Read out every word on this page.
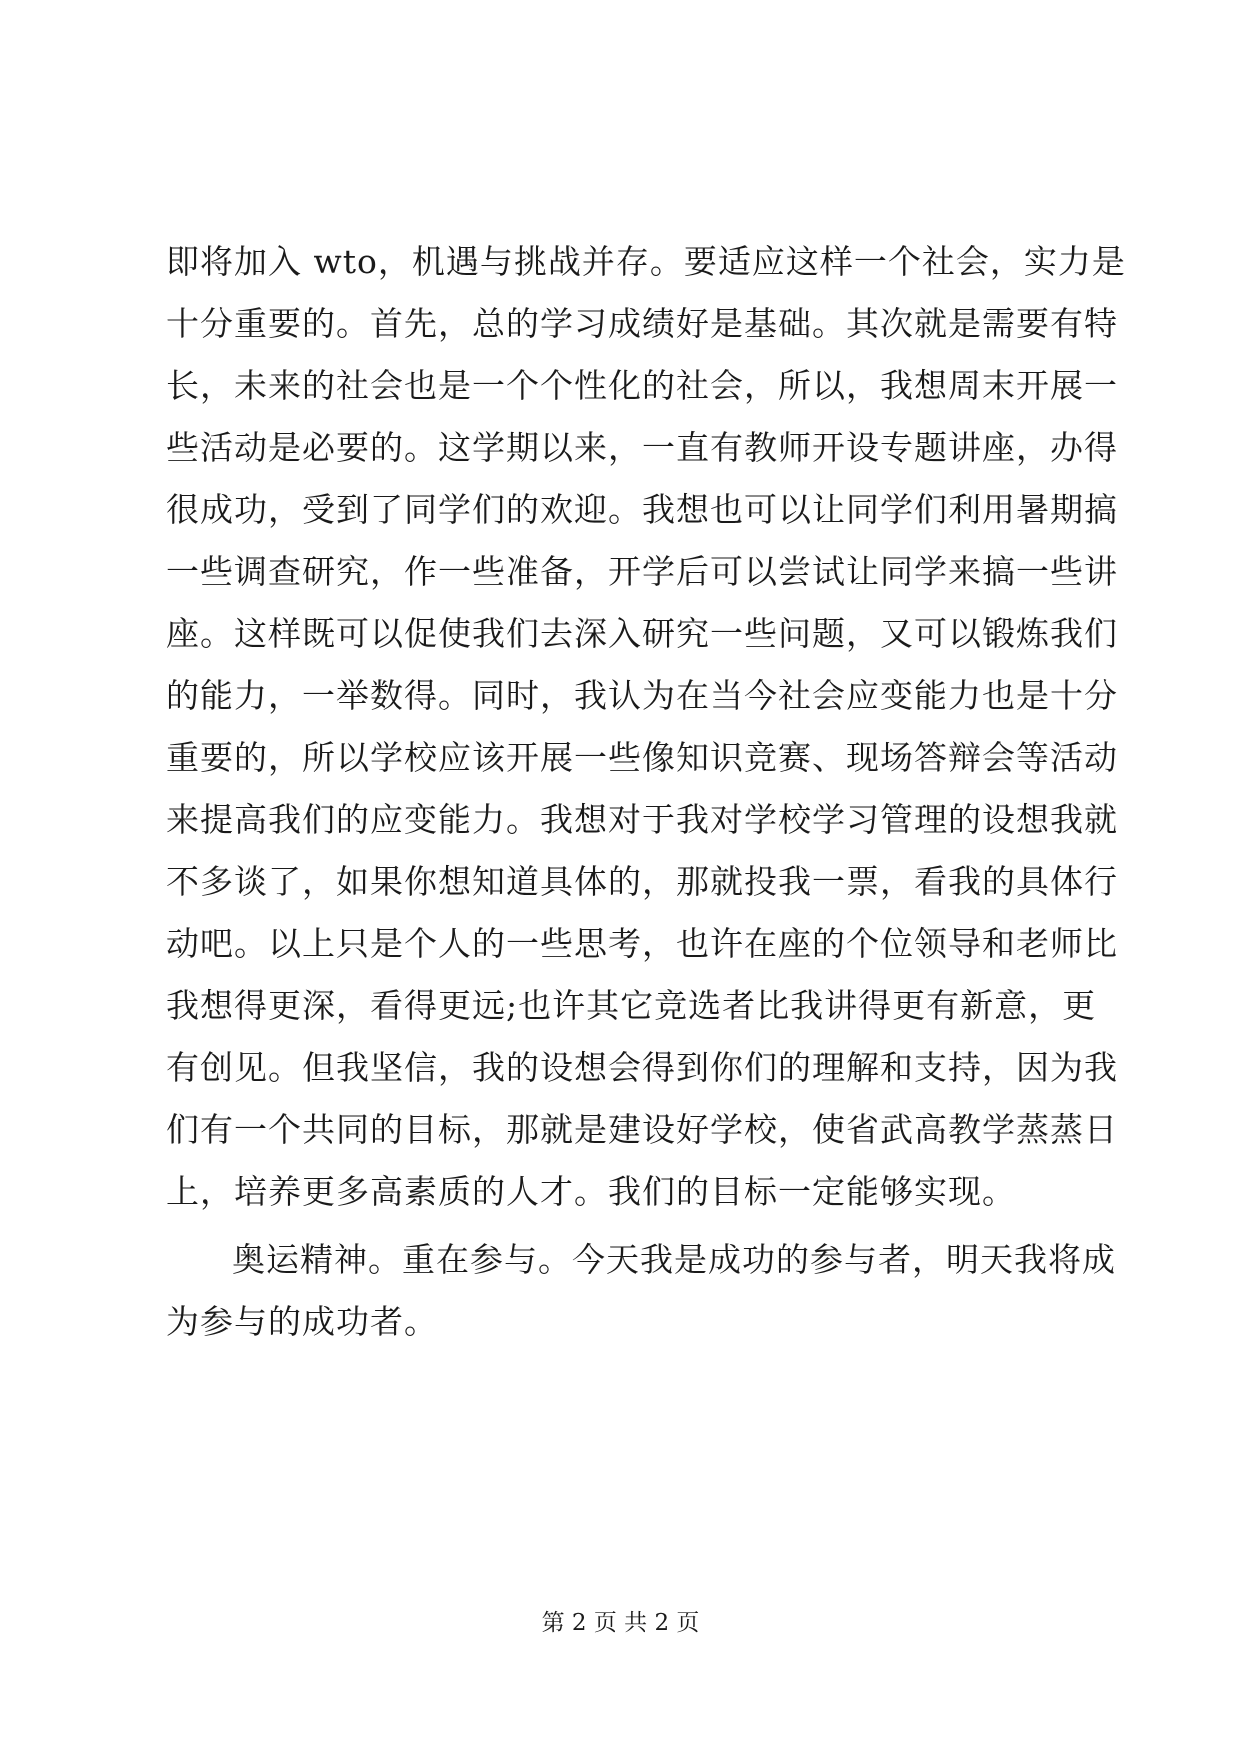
即将加入 wto，机遇与挑战并存。要适应这样一个社会，实力是
十分重要的。首先，总的学习成绩好是基础。其次就是需要有特
长，未来的社会也是一个个性化的社会，所以，我想周末开展一
些活动是必要的。这学期以来，一直有教师开设专题讲座，办得
很成功，受到了同学们的欢迎。我想也可以让同学们利用暑期搞
一些调查研究，作一些准备，开学后可以尝试让同学来搞一些讲
座。这样既可以促使我们去深入研究一些问题，又可以锻炼我们
的能力，一举数得。同时，我认为在当今社会应变能力也是十分
重要的，所以学校应该开展一些像知识竞赛、现场答辩会等活动
来提高我们的应变能力。我想对于我对学校学习管理的设想我就
不多谈了，如果你想知道具体的，那就投我一票，看我的具体行
动吧。以上只是个人的一些思考，也许在座的个位领导和老师比
我想得更深，看得更远;也许其它竞选者比我讲得更有新意，更
有创见。但我坚信，我的设想会得到你们的理解和支持，因为我
们有一个共同的目标，那就是建设好学校，使省武高教学蒸蒸日
上，培养更多高素质的人才。我们的目标一定能够实现。
奥运精神。重在参与。今天我是成功的参与者，明天我将成
为参与的成功者。
第 2 页 共 2 页
